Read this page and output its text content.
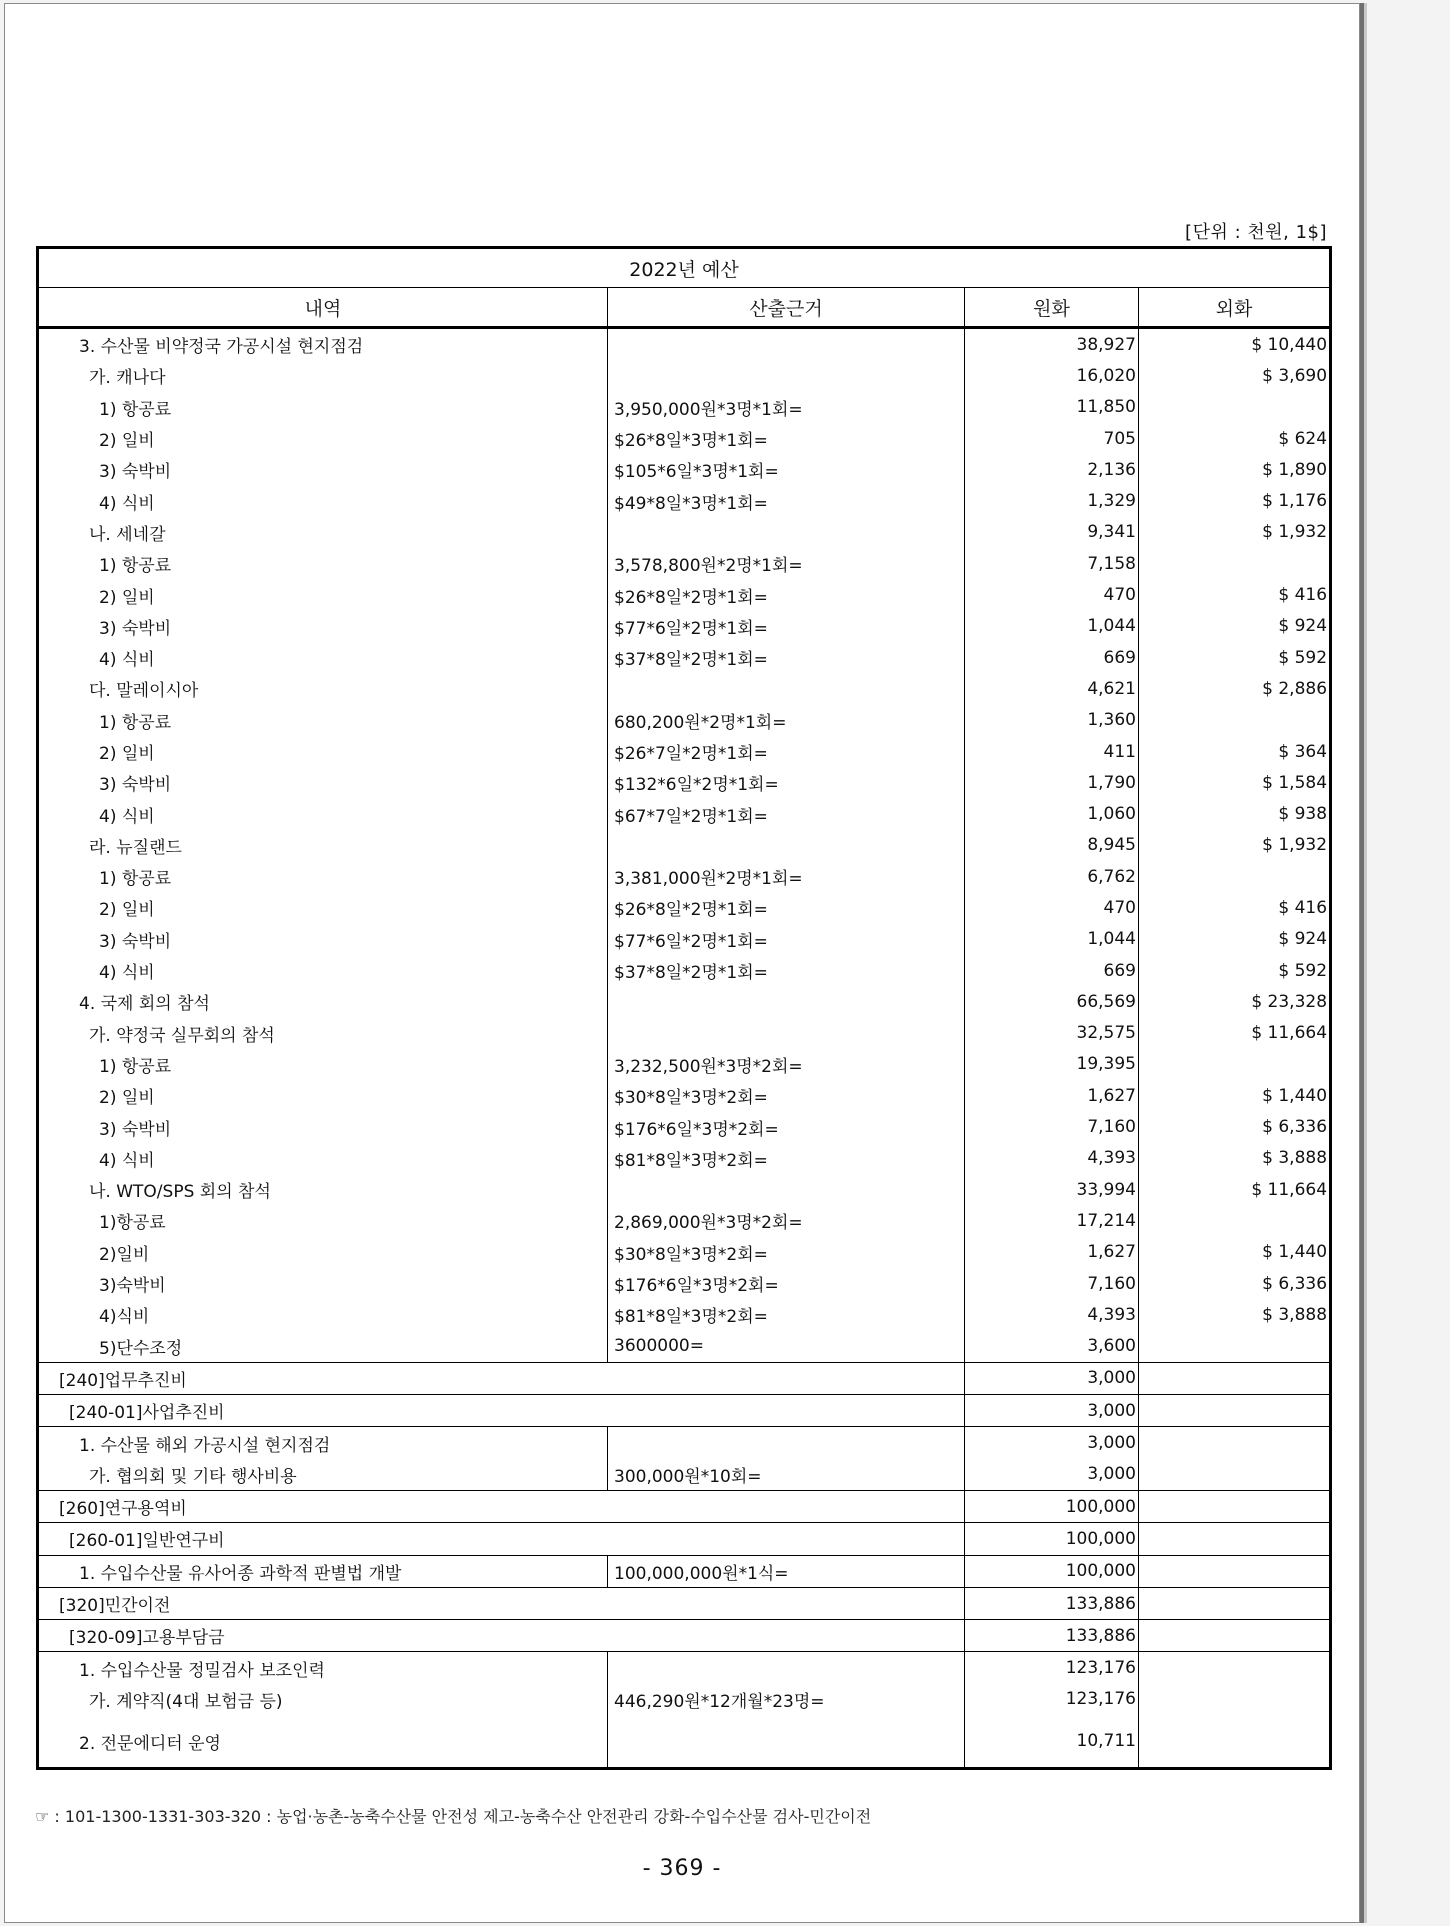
[단위 : 천원, 1$]
2022년 예산			
내역	산출근거	원화	외화
3. 수산물 비약정국 가공시설 현지점검		38,927	$ 10,440
가. 캐나다		16,020	$ 3,690
1) 항공료	3,950,000원*3명*1회=	11,850	
2) 일비	$26*8일*3명*1회=	705	$ 624
3) 숙박비	$105*6일*3명*1회=	2,136	$ 1,890
4) 식비	$49*8일*3명*1회=	1,329	$ 1,176
나. 세네갈		9,341	$ 1,932
1) 항공료	3,578,800원*2명*1회=	7,158	
2) 일비	$26*8일*2명*1회=	470	$ 416
3) 숙박비	$77*6일*2명*1회=	1,044	$ 924
4) 식비	$37*8일*2명*1회=	669	$ 592
다. 말레이시아		4,621	$ 2,886
1) 항공료	680,200원*2명*1회=	1,360	
2) 일비	$26*7일*2명*1회=	411	$ 364
3) 숙박비	$132*6일*2명*1회=	1,790	$ 1,584
4) 식비	$67*7일*2명*1회=	1,060	$ 938
라. 뉴질랜드		8,945	$ 1,932
1) 항공료	3,381,000원*2명*1회=	6,762	
2) 일비	$26*8일*2명*1회=	470	$ 416
3) 숙박비	$77*6일*2명*1회=	1,044	$ 924
4) 식비	$37*8일*2명*1회=	669	$ 592
4. 국제 회의 참석		66,569	$ 23,328
가. 약정국 실무회의 참석		32,575	$ 11,664
1) 항공료	3,232,500원*3명*2회=	19,395	
2) 일비	$30*8일*3명*2회=	1,627	$ 1,440
3) 숙박비	$176*6일*3명*2회=	7,160	$ 6,336
4) 식비	$81*8일*3명*2회=	4,393	$ 3,888
나. WTO/SPS 회의 참석		33,994	$ 11,664
1)항공료	2,869,000원*3명*2회=	17,214	
2)일비	$30*8일*3명*2회=	1,627	$ 1,440
3)숙박비	$176*6일*3명*2회=	7,160	$ 6,336
4)식비	$81*8일*3명*2회=	4,393	$ 3,888
5)단수조정	3600000=	3,600	
[240]업무추진비		3,000	
[240-01]사업추진비		3,000	
1. 수산물 해외 가공시설 현지점검		3,000	
가. 협의회 및 기타 행사비용	300,000원*10회=	3,000	
[260]연구용역비		100,000	
[260-01]일반연구비		100,000	
1. 수입수산물 유사어종 과학적 판별법 개발	100,000,000원*1식=	100,000	
[320]민간이전		133,886	
[320-09]고용부담금		133,886	
1. 수입수산물 정밀검사 보조인력		123,176	
가. 계약직(4대 보험금 등)	446,290원*12개월*23명=	123,176	
2. 전문에디터 운영		10,711	
☞ : 101-1300-1331-303-320 : 농업·농촌-농축수산물 안전성 제고-농축수산 안전관리 강화-수입수산물 검사-민간이전
- 369 -
